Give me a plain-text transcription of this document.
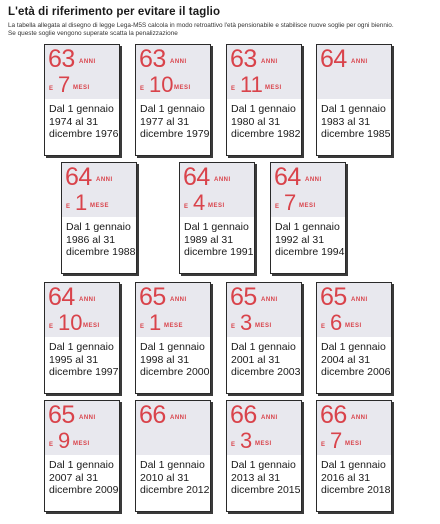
L'età di riferimento per evitare il taglio
La tabella allegata al disegno di legge Lega-M5S calcola in modo retroattivo l'età pensionabile e stabilisce nuove soglie per ogni biennio.
Se queste soglie vengono superate scatta la penalizzazione
63 ANNI
E 7 MESI
Dal 1 gennaio
1974 al 31
dicembre 1976
63 ANNI
E 10 MESI
Dal 1 gennaio
1977 al 31
dicembre 1979
63 ANNI
E 11 MESI
Dal 1 gennaio
1980 al 31
dicembre 1982
64 ANNI
Dal 1 gennaio
1983 al 31
dicembre 1985
64 ANNI
E 1 MESE
Dal 1 gennaio
1986 al 31
dicembre 1988
64 ANNI
E 4 MESI
Dal 1 gennaio
1989 al 31
dicembre 1991
64 ANNI
E 7 MESI
Dal 1 gennaio
1992 al 31
dicembre 1994
64 ANNI
E 10 MESI
Dal 1 gennaio
1995 al 31
dicembre 1997
65 ANNI
E 1 MESE
Dal 1 gennaio
1998 al 31
dicembre 2000
65 ANNI
E 3 MESI
Dal 1 gennaio
2001 al 31
dicembre 2003
65 ANNI
E 6 MESI
Dal 1 gennaio
2004 al 31
dicembre 2006
65 ANNI
E 9 MESI
Dal 1 gennaio
2007 al 31
dicembre 2009
66 ANNI
Dal 1 gennaio
2010 al 31
dicembre 2012
66 ANNI
E 3 MESI
Dal 1 gennaio
2013 al 31
dicembre 2015
66 ANNI
E 7 MESI
Dal 1 gennaio
2016 al 31
dicembre 2018
